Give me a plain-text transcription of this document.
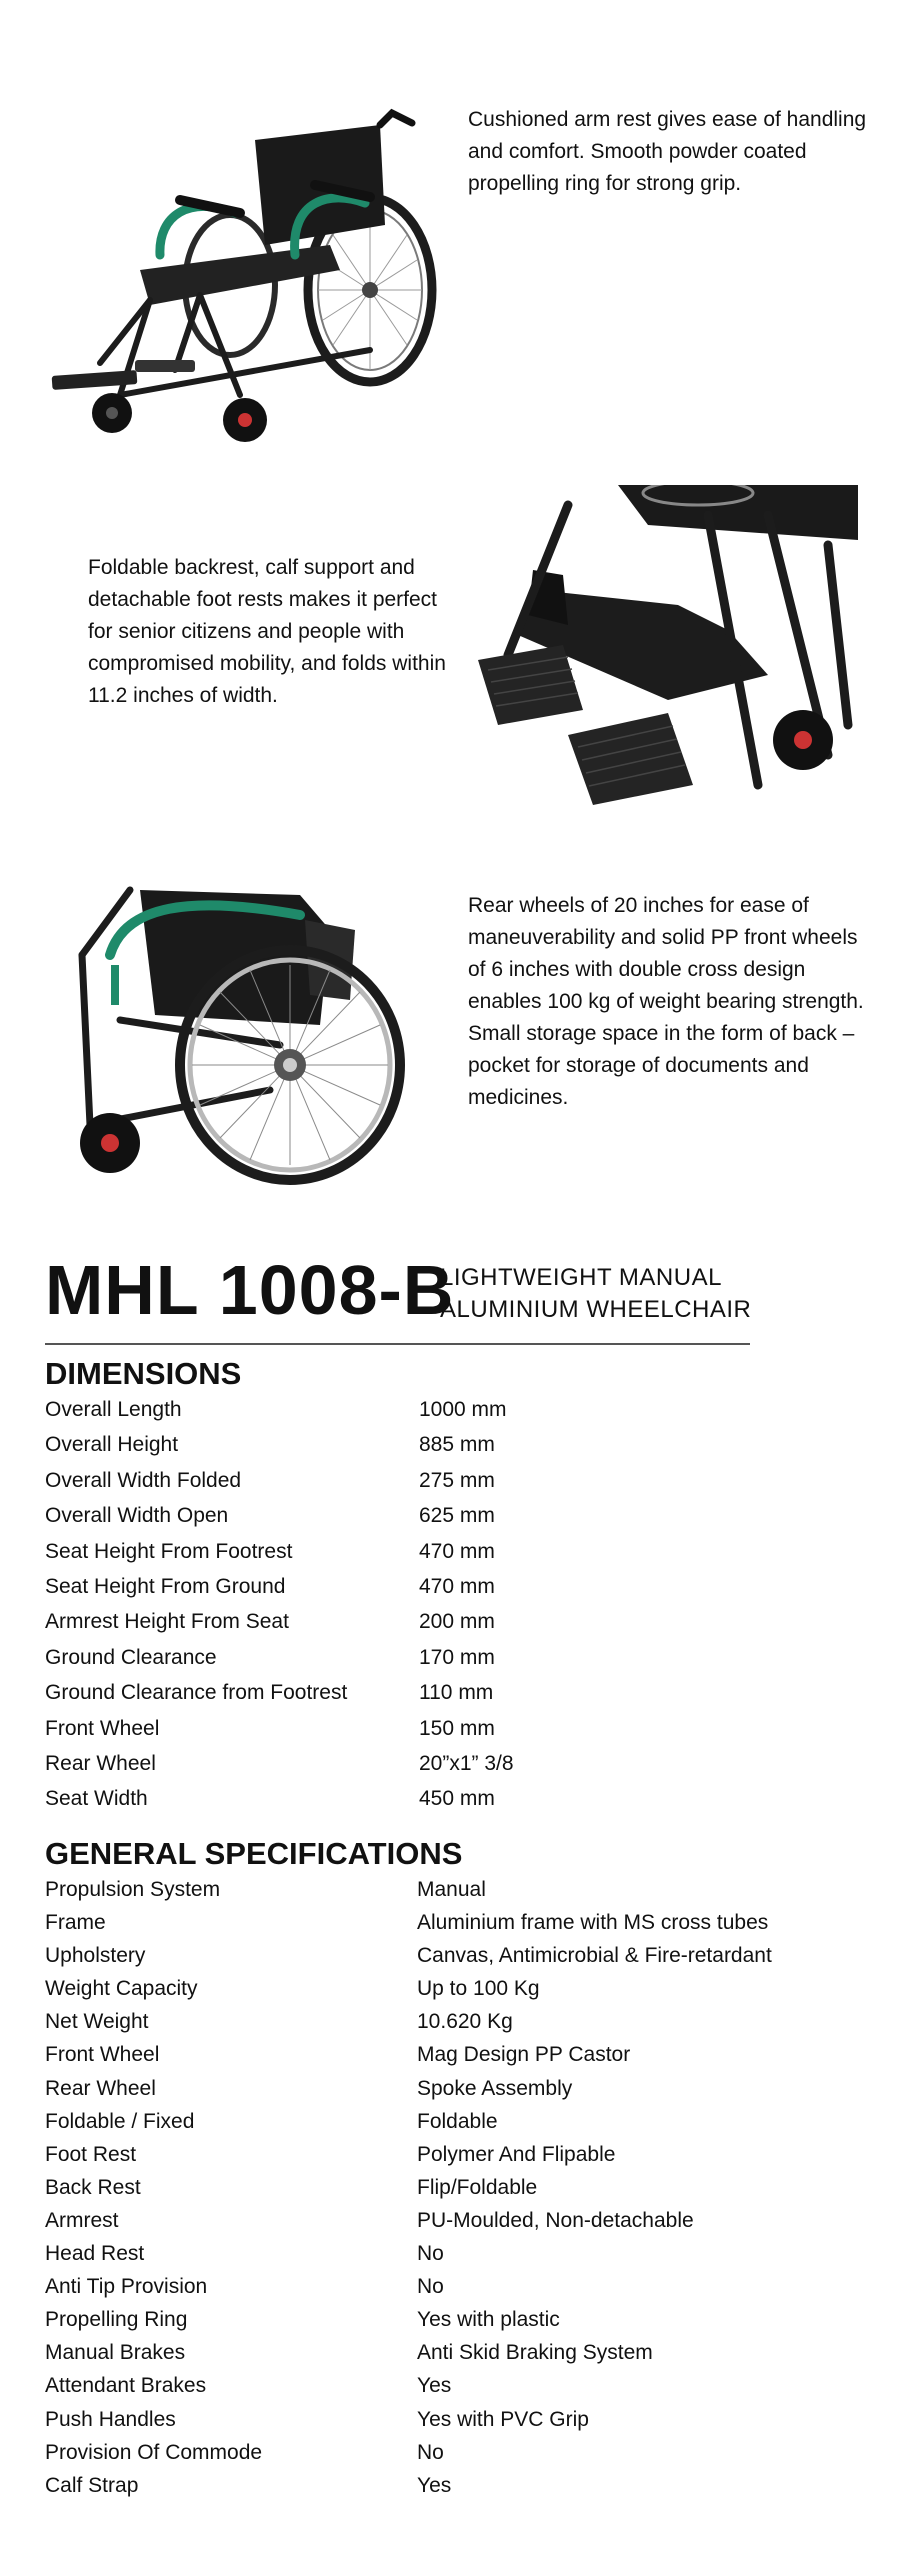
Cushioned arm rest gives ease of handling and comfort. Smooth powder coated propelling ring for strong grip.
Foldable backrest, calf support and detachable foot rests makes it perfect for senior citizens and people with compromised mobility, and folds within 11.2 inches of width.
Rear wheels of 20 inches for ease of maneuverability and solid PP front wheels of 6 inches with double cross design enables 100 kg of weight bearing strength. Small storage space in the form of back – pocket for storage of documents and medicines.
MHL 1008-B
LIGHTWEIGHT MANUAL
ALUMINIUM WHEELCHAIR
DIMENSIONS
Overall Length	1000 mm
Overall Height	885 mm
Overall Width Folded	275 mm
Overall Width Open	625 mm
Seat Height From Footrest	470 mm
Seat Height From Ground	470 mm
Armrest Height From Seat	200 mm
Ground Clearance	170 mm
Ground Clearance from Footrest	110 mm
Front Wheel	150 mm
Rear Wheel	20”x1” 3/8
Seat Width	450 mm
GENERAL SPECIFICATIONS
Propulsion System	Manual
Frame	Aluminium frame with MS cross tubes
Upholstery	Canvas, Antimicrobial & Fire-retardant
Weight Capacity	Up to 100 Kg
Net Weight	10.620 Kg
Front Wheel	Mag Design PP Castor
Rear Wheel	Spoke Assembly
Foldable / Fixed	Foldable
Foot Rest	Polymer And Flipable
Back Rest	Flip/Foldable
Armrest	PU-Moulded, Non-detachable
Head Rest	No
Anti Tip Provision	No
Propelling Ring	Yes with plastic
Manual Brakes	Anti Skid Braking System
Attendant Brakes	Yes
Push Handles	Yes with PVC Grip
Provision Of Commode	No
Calf Strap	Yes
